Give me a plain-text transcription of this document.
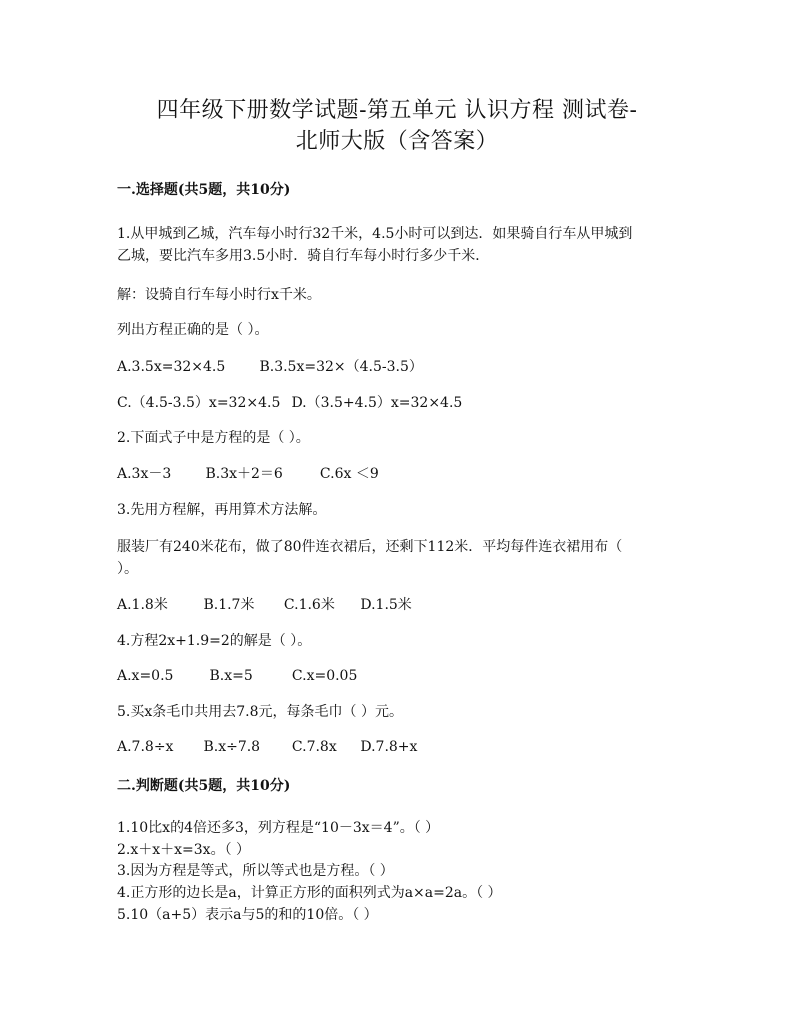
四年级下册数学试题-第五单元 认识方程 测试卷-
北师大版（含答案）
一.选择题(共5题，共10分)
1.从甲城到乙城，汽车每小时行32千米，4.5小时可以到达．如果骑自行车从甲城到
乙城，要比汽车多用3.5小时．骑自行车每小时行多少千米．
解：设骑自行车每小时行x千米。
列出方程正确的是（ ）。
A.3.5x=32×4.5 B.3.5x=32×（4.5-3.5）
C.（4.5-3.5）x=32×4.5 D.（3.5+4.5）x=32×4.5
2.下面式子中是方程的是（ ）。
A.3x－3 B.3x＋2＝6	C.6x ＜9
3.先用方程解，再用算术方法解。
服装厂有240米花布，做了80件连衣裙后，还剩下112米．平均每件连衣裙用布（
）。
A.1.8米	B.1.7米 C.1.6米 D.1.5米
4.方程2x+1.9=2的解是（ ）。
A.x=0.5	B.x=5	C.x=0.05
5.买x条毛巾共用去7.8元，每条毛巾（ ）元。
A.7.8÷x B.x÷7.8 C.7.8x D.7.8+x
二.判断题(共5题，共10分)
1.10比x的4倍还多3，列方程是“10－3x＝4”。（ ）
2.x＋x＋x=3x。（ ）
3.因为方程是等式，所以等式也是方程。（ ）
4.正方形的边长是a，计算正方形的面积列式为a×a=2a。（ ）
5.10（a+5）表示a与5的和的10倍。（ ）
